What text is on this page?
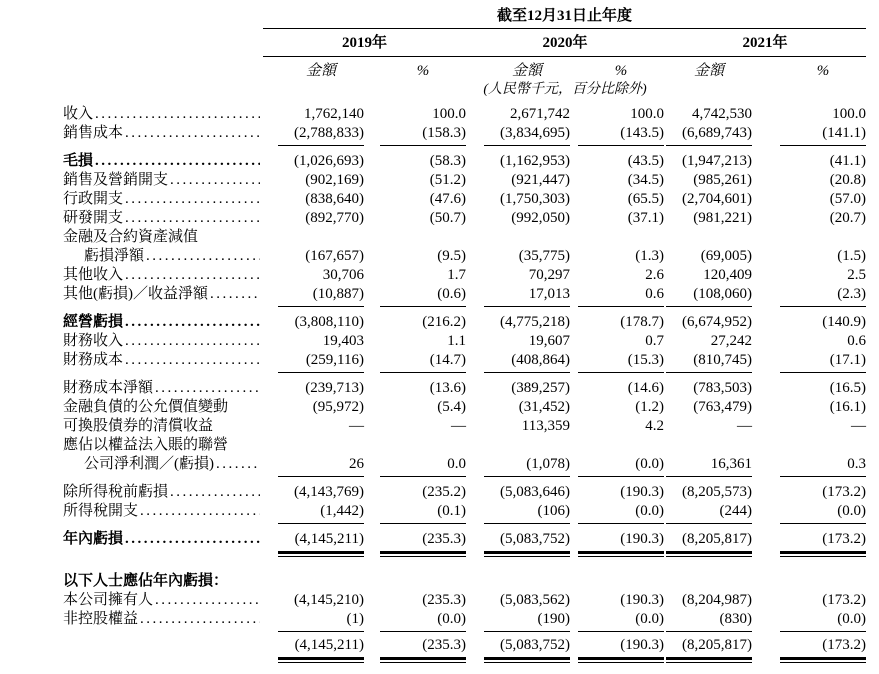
截至12月31日止年度
2019年	2020年	2021年
金額	%	金額	%	金額	%
(人民幣千元，百分比除外)
收入 .....	1,762,140	100.0	2,671,742	100.0	4,742,530	100.0
銷售成本 .....	(2,788,833)	(158.3)	(3,834,695)	(143.5)	(6,689,743)	(141.1)
毛損 .....	(1,026,693)	(58.3)	(1,162,953)	(43.5)	(1,947,213)	(41.1)
銷售及營銷開支 .....	(902,169)	(51.2)	(921,447)	(34.5)	(985,261)	(20.8)
行政開支 .....	(838,640)	(47.6)	(1,750,303)	(65.5)	(2,704,601)	(57.0)
研發開支 .....	(892,770)	(50.7)	(992,050)	(37.1)	(981,221)	(20.7)
金融及合約資產減值
虧損淨額 .....	(167,657)	(9.5)	(35,775)	(1.3)	(69,005)	(1.5)
其他收入 .....	30,706	1.7	70,297	2.6	120,409	2.5
其他(虧損)／收益淨額 .....	(10,887)	(0.6)	17,013	0.6	(108,060)	(2.3)
經營虧損 .....	(3,808,110)	(216.2)	(4,775,218)	(178.7)	(6,674,952)	(140.9)
財務收入 .....	19,403	1.1	19,607	0.7	27,242	0.6
財務成本 .....	(259,116)	(14.7)	(408,864)	(15.3)	(810,745)	(17.1)
財務成本淨額 .....	(239,713)	(13.6)	(389,257)	(14.6)	(783,503)	(16.5)
金融負債的公允價值變動	(95,972)	(5.4)	(31,452)	(1.2)	(763,479)	(16.1)
可換股債券的清償收益	—	—	113,359	4.2	—	—
應佔以權益法入賬的聯營
公司淨利潤／(虧損) .....	26	0.0	(1,078)	(0.0)	16,361	0.3
除所得稅前虧損 .....	(4,143,769)	(235.2)	(5,083,646)	(190.3)	(8,205,573)	(173.2)
所得稅開支 .....	(1,442)	(0.1)	(106)	(0.0)	(244)	(0.0)
年內虧損 .....	(4,145,211)	(235.3)	(5,083,752)	(190.3)	(8,205,817)	(173.2)
以下人士應佔年內虧損：
本公司擁有人 .....	(4,145,210)	(235.3)	(5,083,562)	(190.3)	(8,204,987)	(173.2)
非控股權益 .....	(1)	(0.0)	(190)	(0.0)	(830)	(0.0)
(4,145,211)	(235.3)	(5,083,752)	(190.3)	(8,205,817)	(173.2)
